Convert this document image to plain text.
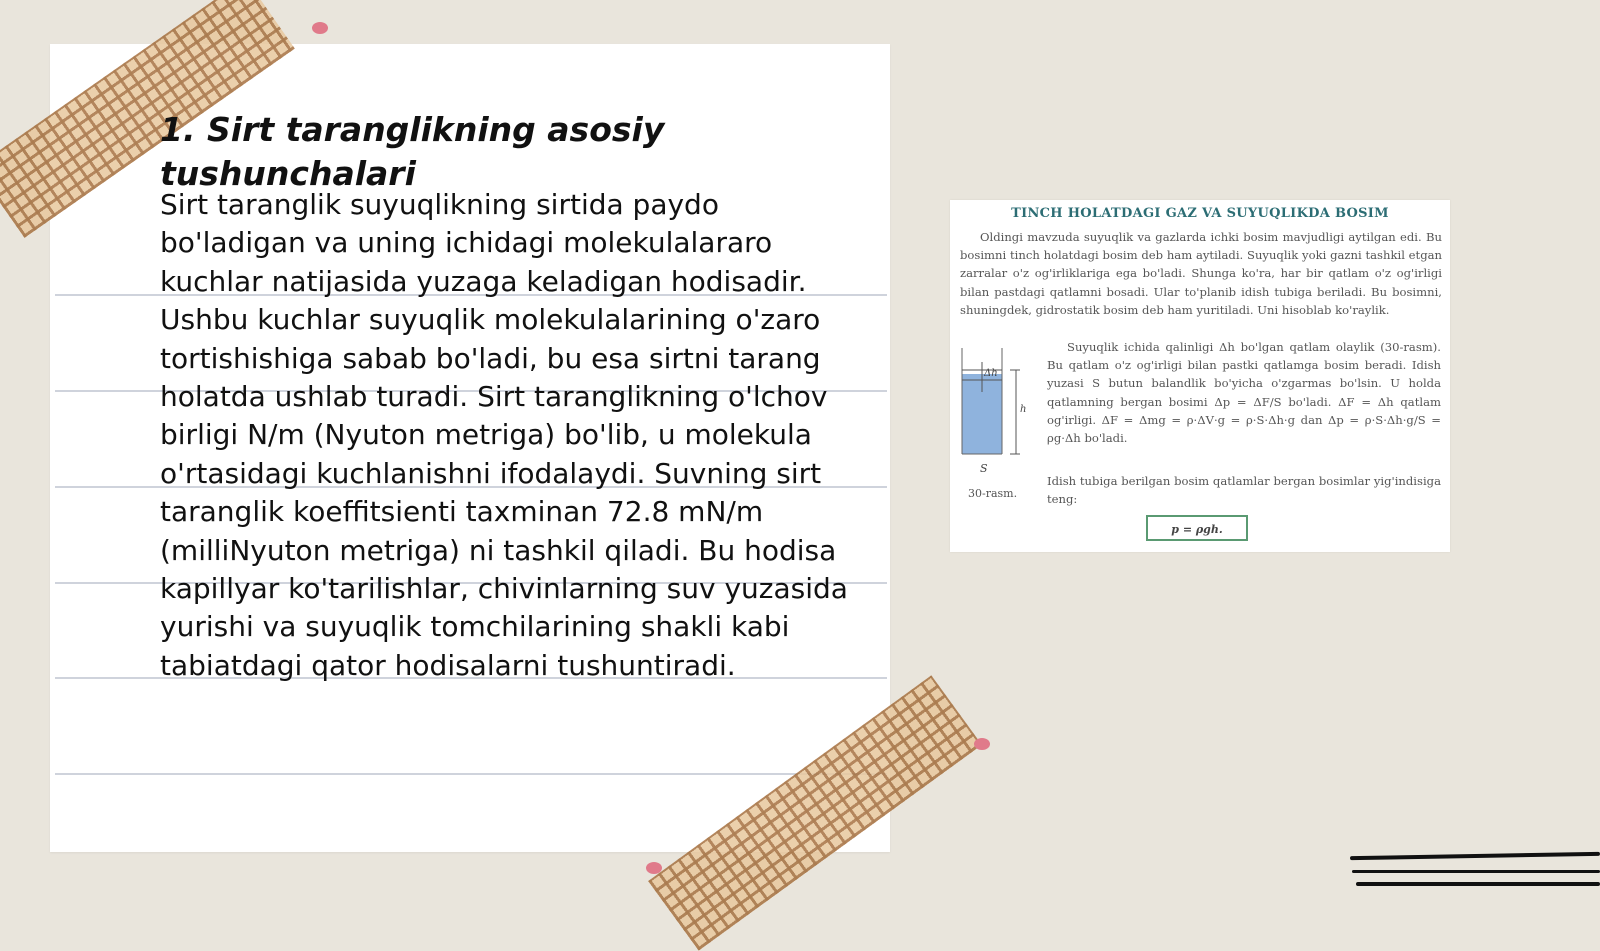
1. Sirt taranglikning asosiy tushunchalari

Sirt taranglik suyuqlikning sirtida paydo bo'ladigan va uning ichidagi molekulalararo kuchlar natijasida yuzaga keladigan hodisadir. Ushbu kuchlar suyuqlik molekulalarining o'zaro tortishishiga sabab bo'ladi, bu esa sirtni tarang holatda ushlab turadi. Sirt taranglikning o'lchov birligi N/m (Nyuton metriga) bo'lib, u molekula o'rtasidagi kuchlanishni ifodalaydi. Suvning sirt taranglik koeffitsienti taxminan 72.8 mN/m (milliNyuton metriga) ni tashkil qiladi. Bu hodisa kapillyar ko'tarilishlar, chivinlarning suv yuzasida yurishi va suyuqlik tomchilarining shakli kabi tabiatdagi qator hodisalarni tushuntiradi.

TINCH HOLATDAGI GAZ VA SUYUQLIKDA BOSIM

Oldingi mavzuda suyuqlik va gazlarda ichki bosim mavjudligi aytilgan edi. Bu bosimni tinch holatdagi bosim deb ham aytiladi. Suyuqlik yoki gazni tashkil etgan zarralar o'z og'irliklariga ega bo'ladi. Shunga ko'ra, har bir qatlam o'z og'irligi bilan pastdagi qatlamni bosadi. Ular to'planib idish tubiga beriladi. Bu bosimni, shuningdek, gidrostatik bosim deb ham yuritiladi. Uni hisoblab ko'raylik.

Δh
h
S
30-rasm.

Suyuqlik ichida qalinligi Δh bo'lgan qatlam olaylik (30-rasm). Bu qatlam o'z og'irligi bilan pastki qatlamga bosim beradi. Idish yuzasi S butun balandlik bo'yicha o'zgarmas bo'lsin. U holda qatlamning bergan bosimi Δp = ΔF/S bo'ladi. ΔF = Δh qatlam og'irligi. ΔF = Δmg = ρ·ΔV·g = ρ·S·Δh·g dan Δp = ρ·S·Δh·g/S = ρg·Δh bo'ladi.

Idish tubiga berilgan bosim qatlamlar bergan bosimlar yig'indisiga teng:

p = ρgh.
